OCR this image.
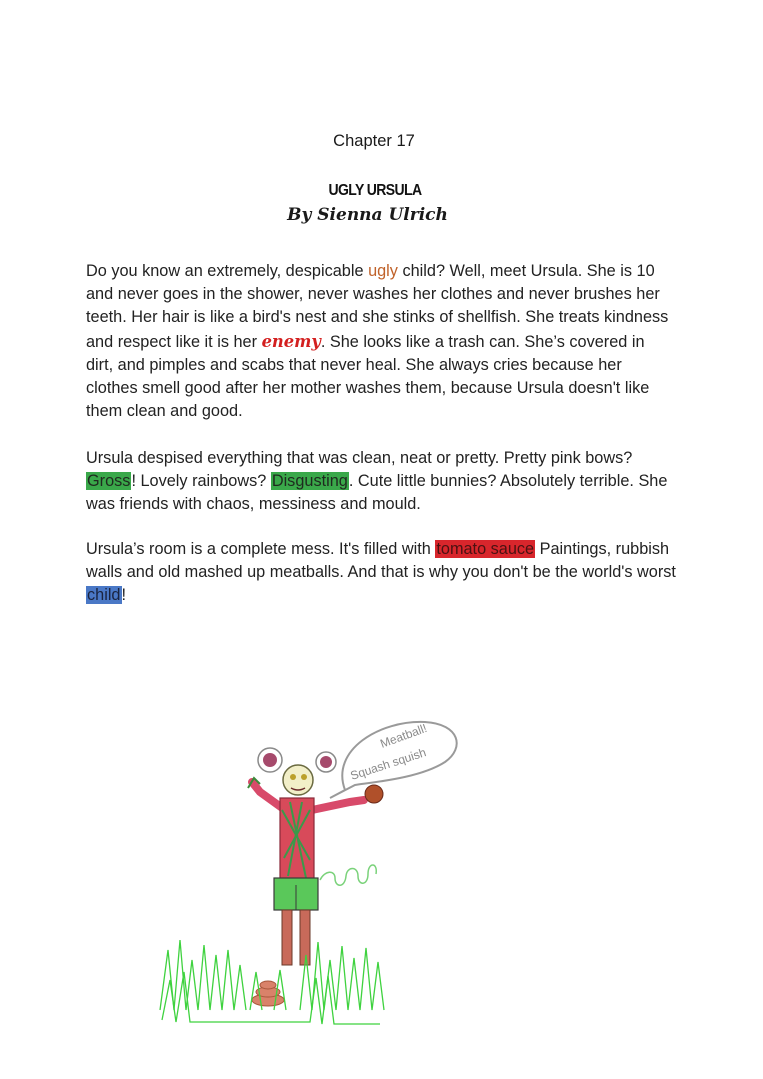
Chapter 17
UGLY URSULA
By Sienna Ulrich
Do you know an extremely, despicable ugly child? Well, meet Ursula. She is 10 and never goes in the shower, never washes her clothes and never brushes her teeth. Her hair is like a bird's nest and she stinks of shellfish. She treats kindness and respect like it is her enemy. She looks like a trash can. She’s covered in dirt, and pimples and scabs that never heal. She always cries because her clothes smell good after her mother washes them, because Ursula doesn't like them clean and good.
Ursula despised everything that was clean, neat or pretty. Pretty pink bows? Gross! Lovely rainbows? Disgusting. Cute little bunnies? Absolutely terrible. She was friends with chaos, messiness and mould.
Ursula’s room is a complete mess. It's filled with tomato sauce Paintings, rubbish walls and old mashed up meatballs. And that is why you don't be the world's worst child!
Meatball!
Squash squish
